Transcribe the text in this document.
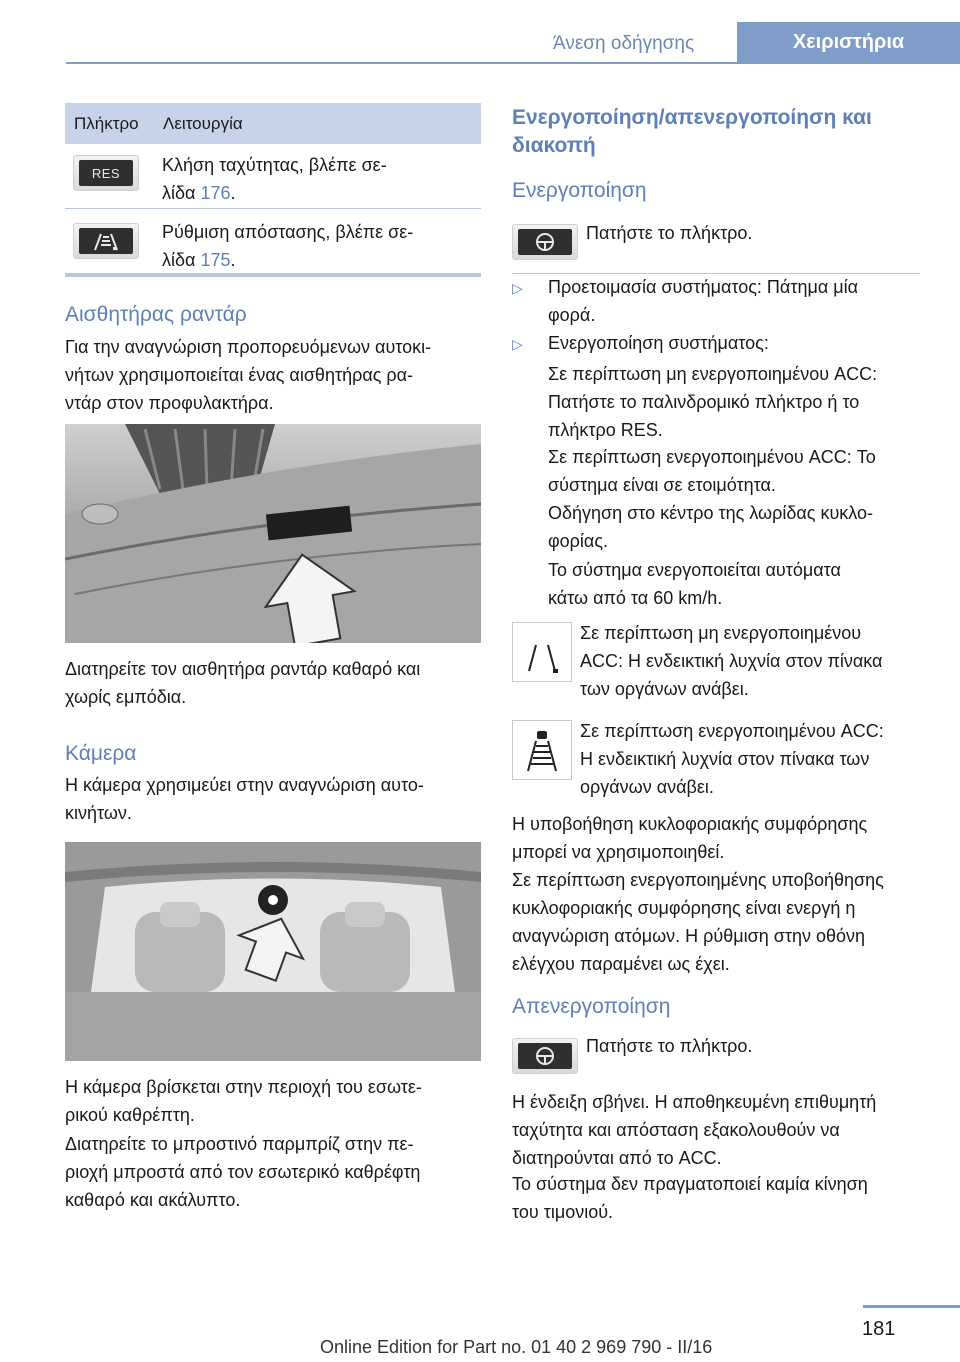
Άνεση οδήγησης	Χειριστήρια
Πλήκτρο Λειτουργία
RES	Κλήση ταχύτητας, βλέπε σε-
λίδα 176.
Ρύθμιση απόστασης, βλέπε σε-
λίδα 175.
Αισθητήρας ραντάρ
Για την αναγνώριση προπορευόμενων αυτοκι-
νήτων χρησιμοποιείται ένας αισθητήρας ρα-
ντάρ στον προφυλακτήρα.
Διατηρείτε τον αισθητήρα ραντάρ καθαρό και
χωρίς εμπόδια.
Κάμερα
Η κάμερα χρησιμεύει στην αναγνώριση αυτο-
κινήτων.
Η κάμερα βρίσκεται στην περιοχή του εσωτε-
ρικού καθρέπτη.
Διατηρείτε το μπροστινό παρμπρίζ στην πε-
ριοχή μπροστά από τον εσωτερικό καθρέφτη
καθαρό και ακάλυπτο.
Ενεργοποίηση/απενεργοποίηση και
διακοπή
Ενεργοποίηση
Πατήστε το πλήκτρο.
▷ Προετοιμασία συστήματος: Πάτημα μία
φορά.
▷ Ενεργοποίηση συστήματος:
Σε περίπτωση μη ενεργοποιημένου ACC:
Πατήστε το παλινδρομικό πλήκτρο ή το
πλήκτρο RES.
Σε περίπτωση ενεργοποιημένου ACC: Το
σύστημα είναι σε ετοιμότητα.
Οδήγηση στο κέντρο της λωρίδας κυκλο-
φορίας.
Το σύστημα ενεργοποιείται αυτόματα
κάτω από τα 60 km/h.
Σε περίπτωση μη ενεργοποιημένου
ACC: Η ενδεικτική λυχνία στον πίνακα
των οργάνων ανάβει.
Σε περίπτωση ενεργοποιημένου ACC:
Η ενδεικτική λυχνία στον πίνακα των
οργάνων ανάβει.
Η υποβοήθηση κυκλοφοριακής συμφόρησης
μπορεί να χρησιμοποιηθεί.
Σε περίπτωση ενεργοποιημένης υποβοήθησης
κυκλοφοριακής συμφόρησης είναι ενεργή η
αναγνώριση ατόμων. Η ρύθμιση στην οθόνη
ελέγχου παραμένει ως έχει.
Απενεργοποίηση
Πατήστε το πλήκτρο.
Η ένδειξη σβήνει. Η αποθηκευμένη επιθυμητή
ταχύτητα και απόσταση εξακολουθούν να
διατηρούνται από το ACC.
Το σύστημα δεν πραγματοποιεί καμία κίνηση
του τιμονιού.
181
Online Edition for Part no. 01 40 2 969 790 - II/16
